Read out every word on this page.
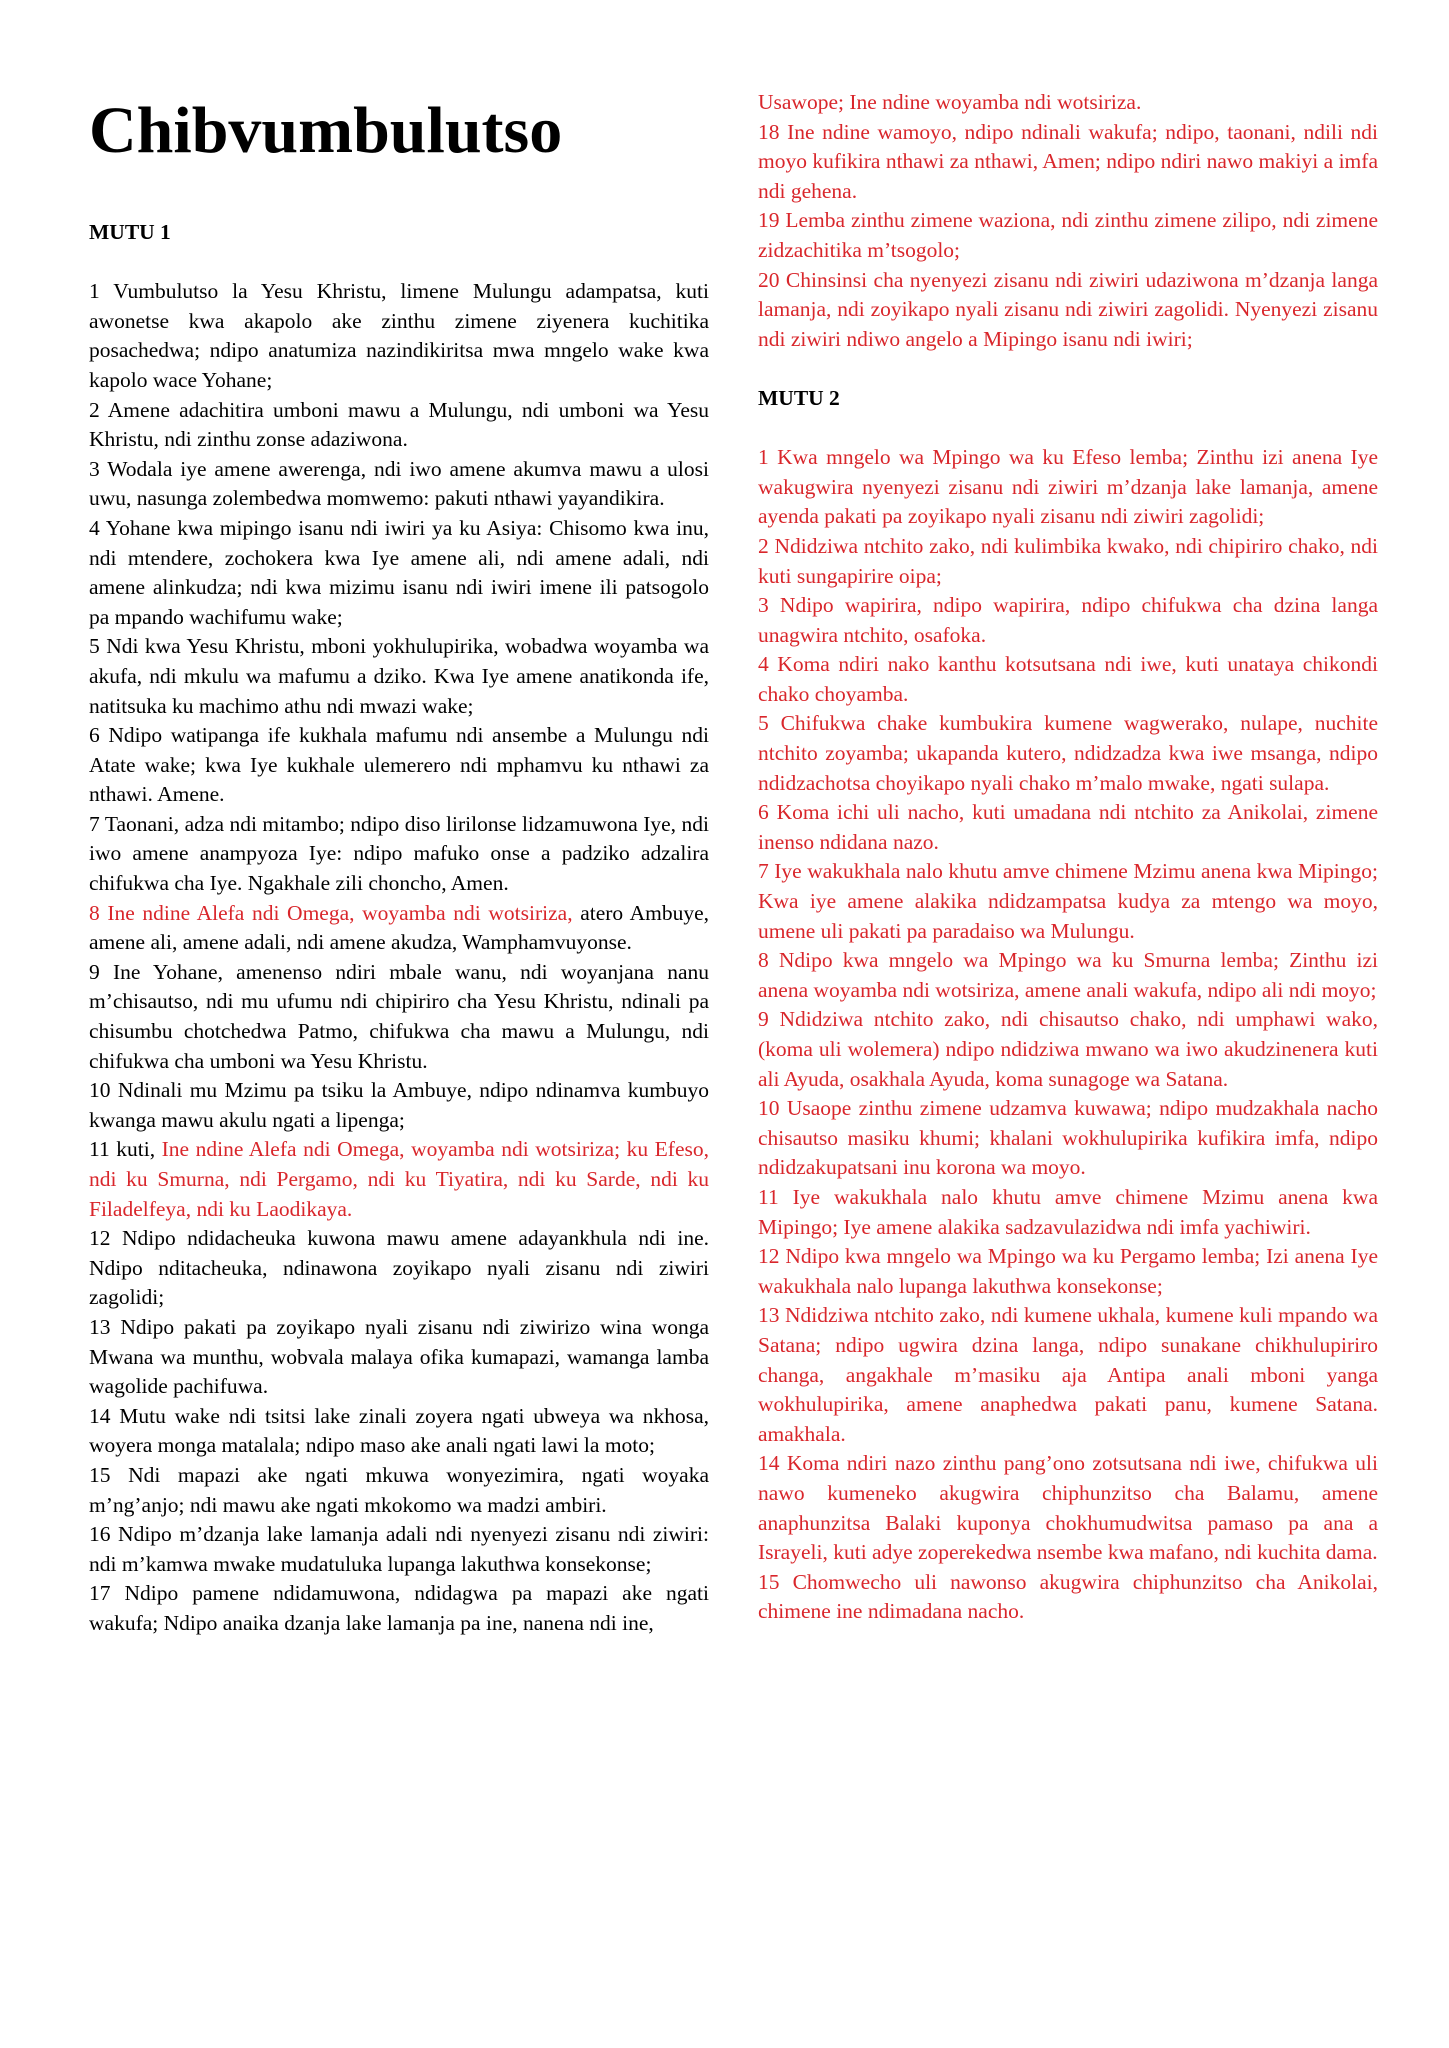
Chibvumbulutso
MUTU 1

1 Vumbulutso la Yesu Khristu, limene Mulungu adampatsa, kuti awonetse kwa akapolo ake zinthu zimene ziyenera kuchitika posachedwa; ndipo anatumiza nazindikiritsa mwa mngelo wake kwa kapolo wace Yohane;

2 Amene adachitira umboni mawu a Mulungu, ndi umboni wa Yesu Khristu, ndi zinthu zonse adaziwona.

3 Wodala iye amene awerenga, ndi iwo amene akumva mawu a ulosi uwu, nasunga zolembedwa momwemo: pakuti nthawi yayandikira.

4 Yohane kwa mipingo isanu ndi iwiri ya ku Asiya: Chisomo kwa inu, ndi mtendere, zochokera kwa Iye amene ali, ndi amene adali, ndi amene alinkudza; ndi kwa mizimu isanu ndi iwiri imene ili patsogolo pa mpando wachifumu wake;

5 Ndi kwa Yesu Khristu, mboni yokhulupirika, wobadwa woyamba wa akufa, ndi mkulu wa mafumu a dziko. Kwa Iye amene anatikonda ife, natitsuka ku machimo athu ndi mwazi wake;

6 Ndipo watipanga ife kukhala mafumu ndi ansembe a Mulungu ndi Atate wake; kwa Iye kukhale ulemerero ndi mphamvu ku nthawi za nthawi. Amene.

7 Taonani, adza ndi mitambo; ndipo diso lirilonse lidzamuwona Iye, ndi iwo amene anampyoza Iye: ndipo mafuko onse a padziko adzalira chifukwa cha Iye. Ngakhale zili choncho, Amen.

8 Ine ndine Alefa ndi Omega, woyamba ndi wotsiriza, atero Ambuye, amene ali, amene adali, ndi amene akudza, Wamphamvuyonse.

9 Ine Yohane, amenenso ndiri mbale wanu, ndi woyanjana nanu m’chisautso, ndi mu ufumu ndi chipiriro cha Yesu Khristu, ndinali pa chisumbu chotchedwa Patmo, chifukwa cha mawu a Mulungu, ndi chifukwa cha umboni wa Yesu Khristu.

10 Ndinali mu Mzimu pa tsiku la Ambuye, ndipo ndinamva kumbuyo kwanga mawu akulu ngati a lipenga;

11 kuti, Ine ndine Alefa ndi Omega, woyamba ndi wotsiriza; ku Efeso, ndi ku Smurna, ndi Pergamo, ndi ku Tiyatira, ndi ku Sarde, ndi ku Filadelfeya, ndi ku Laodikaya.

12 Ndipo ndidacheuka kuwona mawu amene adayankhula ndi ine. Ndipo nditacheuka, ndinawona zoyikapo nyali zisanu ndi ziwiri zagolidi;

13 Ndipo pakati pa zoyikapo nyali zisanu ndi ziwirizo wina wonga Mwana wa munthu, wobvala malaya ofika kumapazi, wamanga lamba wagolide pachifuwa.

14 Mutu wake ndi tsitsi lake zinali zoyera ngati ubweya wa nkhosa, woyera monga matalala; ndipo maso ake anali ngati lawi la moto;

15 Ndi mapazi ake ngati mkuwa wonyezimira, ngati woyaka m’ng’anjo; ndi mawu ake ngati mkokomo wa madzi ambiri.

16 Ndipo m’dzanja lake lamanja adali ndi nyenyezi zisanu ndi ziwiri: ndi m’kamwa mwake mudatuluka lupanga lakuthwa konsekonse;

17 Ndipo pamene ndidamuwona, ndidagwa pa mapazi ake ngati wakufa; Ndipo anaika dzanja lake lamanja pa ine, nanena ndi ine,

Usawope; Ine ndine woyamba ndi wotsiriza.

18 Ine ndine wamoyo, ndipo ndinali wakufa; ndipo, taonani, ndili ndi moyo kufikira nthawi za nthawi, Amen; ndipo ndiri nawo makiyi a imfa ndi gehena.

19 Lemba zinthu zimene waziona, ndi zinthu zimene zilipo, ndi zimene zidzachitika m’tsogolo;

20 Chinsinsi cha nyenyezi zisanu ndi ziwiri udaziwona m’dzanja langa lamanja, ndi zoyikapo nyali zisanu ndi ziwiri zagolidi. Nyenyezi zisanu ndi ziwiri ndiwo angelo a Mipingo isanu ndi iwiri;

MUTU 2

1 Kwa mngelo wa Mpingo wa ku Efeso lemba; Zinthu izi anena Iye wakugwira nyenyezi zisanu ndi ziwiri m’dzanja lake lamanja, amene ayenda pakati pa zoyikapo nyali zisanu ndi ziwiri zagolidi;

2 Ndidziwa ntchito zako, ndi kulimbika kwako, ndi chipiriro chako, ndi kuti sungapirire oipa;

3 Ndipo wapirira, ndipo wapirira, ndipo chifukwa cha dzina langa unagwira ntchito, osafoka.

4 Koma ndiri nako kanthu kotsutsana ndi iwe, kuti unataya chikondi chako choyamba.

5 Chifukwa chake kumbukira kumene wagwerako, nulape, nuchite ntchito zoyamba; ukapanda kutero, ndidzadza kwa iwe msanga, ndipo ndidzachotsa choyikapo nyali chako m’malo mwake, ngati sulapa.

6 Koma ichi uli nacho, kuti umadana ndi ntchito za Anikolai, zimene inenso ndidana nazo.

7 Iye wakukhala nalo khutu amve chimene Mzimu anena kwa Mipingo; Kwa iye amene alakika ndidzampatsa kudya za mtengo wa moyo, umene uli pakati pa paradaiso wa Mulungu.

8 Ndipo kwa mngelo wa Mpingo wa ku Smurna lemba; Zinthu izi anena woyamba ndi wotsiriza, amene anali wakufa, ndipo ali ndi moyo;

9 Ndidziwa ntchito zako, ndi chisautso chako, ndi umphawi wako, (koma uli wolemera) ndipo ndidziwa mwano wa iwo akudzinenera kuti ali Ayuda, osakhala Ayuda, koma sunagoge wa Satana.

10 Usaope zinthu zimene udzamva kuwawa; ndipo mudzakhala nacho chisautso masiku khumi; khalani wokhulupirika kufikira imfa, ndipo ndidzakupatsani inu korona wa moyo.

11 Iye wakukhala nalo khutu amve chimene Mzimu anena kwa Mipingo; Iye amene alakika sadzavulazidwa ndi imfa yachiwiri.

12 Ndipo kwa mngelo wa Mpingo wa ku Pergamo lemba; Izi anena Iye wakukhala nalo lupanga lakuthwa konsekonse;

13 Ndidziwa ntchito zako, ndi kumene ukhala, kumene kuli mpando wa Satana; ndipo ugwira dzina langa, ndipo sunakane chikhulupiriro changa, angakhale m’masiku aja Antipa anali mboni yanga wokhulupirika, amene anaphedwa pakati panu, kumene Satana. amakhala.

14 Koma ndiri nazo zinthu pang’ono zotsutsana ndi iwe, chifukwa uli nawo kumeneko akugwira chiphunzitso cha Balamu, amene anaphunzitsa Balaki kuponya chokhumudwitsa pamaso pa ana a Israyeli, kuti adye zoperekedwa nsembe kwa mafano, ndi kuchita dama.

15 Chomwecho uli nawonso akugwira chiphunzitso cha Anikolai, chimene ine ndimadana nacho.
